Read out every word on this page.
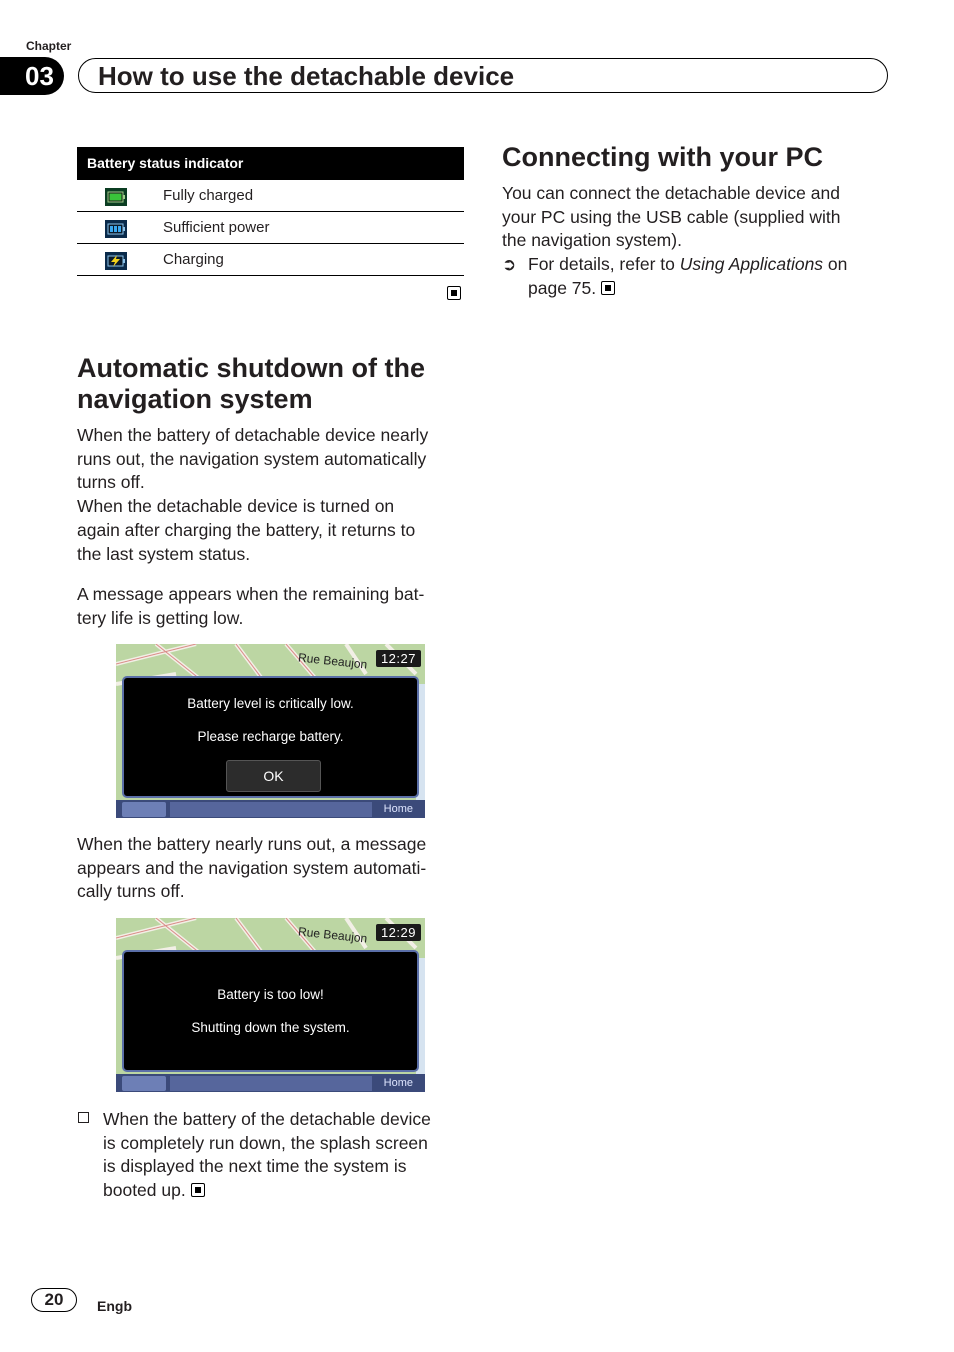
Chapter
03	How to use the detachable device
Battery status indicator
Fully charged
Sufficient power
Charging
Automatic shutdown of the
navigation system
When the battery of detachable device nearly
runs out, the navigation system automatically
turns off.
When the detachable device is turned on
again after charging the battery, it returns to
the last system status.
A message appears when the remaining bat-
tery life is getting low.
Rue Beaujon	12:27
Battery level is critically low.
Please recharge battery.
OK
Home
When the battery nearly runs out, a message
appears and the navigation system automati-
cally turns off.
Rue Beaujon	12:29
Battery is too low!
Shutting down the system.
Home
When the battery of the detachable device
is completely run down, the splash screen
is displayed the next time the system is
booted up.
Connecting with your PC
You can connect the detachable device and
your PC using the USB cable (supplied with
the navigation system).
➲ For details, refer to Using Applications on
page 75.
20	Engb
